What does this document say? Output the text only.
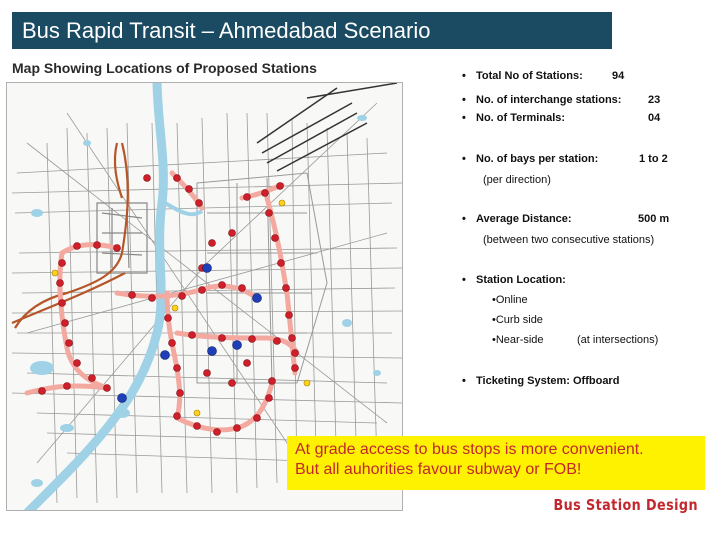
Bus Rapid Transit – Ahmedabad Scenario
Map Showing Locations of Proposed Stations	• Total No of Stations:	94
• No. of interchange stations: 23
• No. of Terminals:	04
• No. of bays per station:	1 to 2
(per direction)
• Average Distance:	500 m
(between two consecutive stations)
• Station Location:
•Online
•Curb side
•Near-side	(at intersections)
• Ticketing System: Offboard
At grade access to bus stops is more convenient.
But all auhorities favour subway or FOB!
Bus Station Design
